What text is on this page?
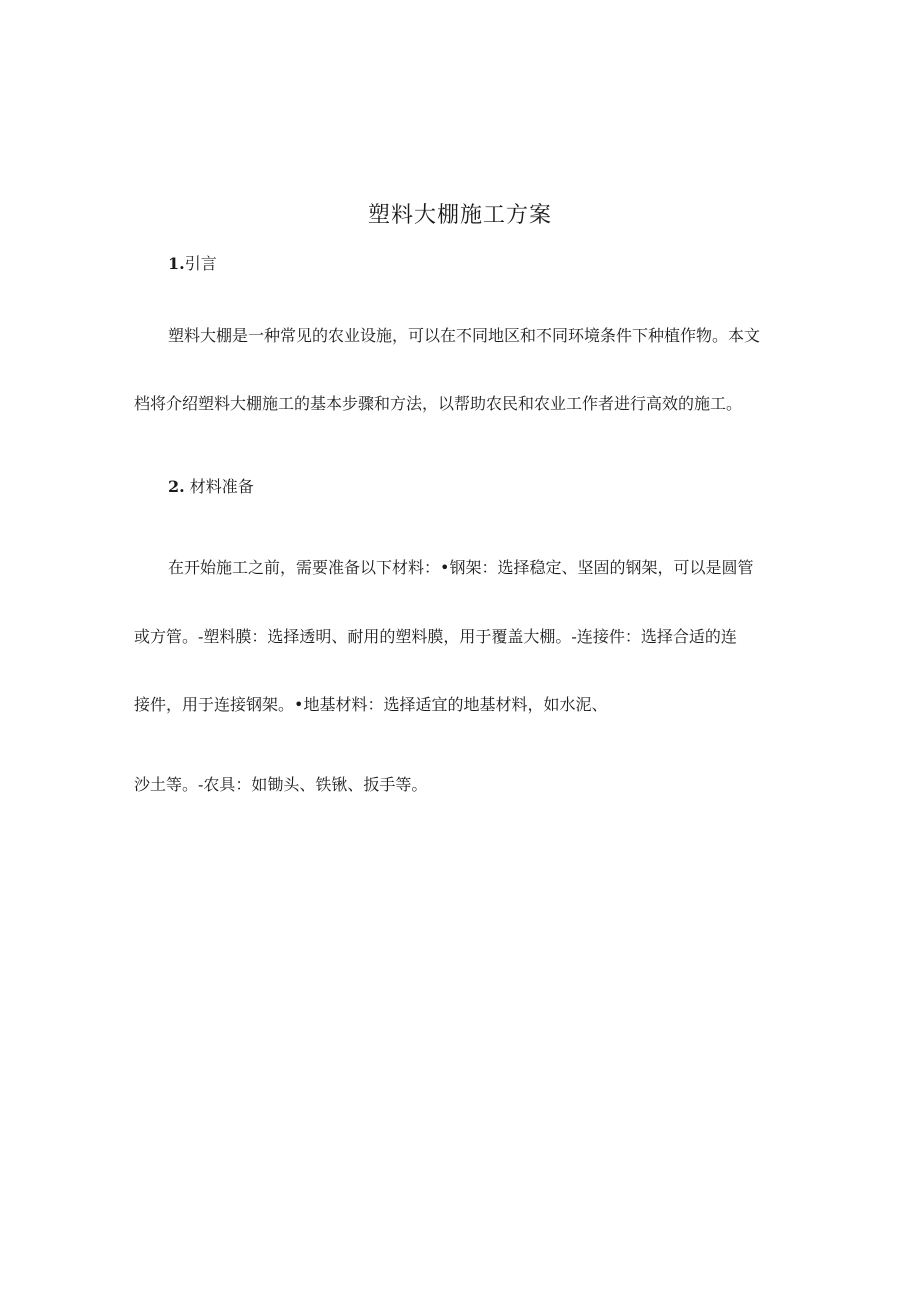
塑料大棚施工方案
1.引言
塑料大棚是一种常见的农业设施，可以在不同地区和不同环境条件下种植作物。本文
档将介绍塑料大棚施工的基本步骤和方法，以帮助农民和农业工作者进行高效的施工。
2. 材料准备
在开始施工之前，需要准备以下材料：•钢架：选择稳定、坚固的钢架，可以是圆管
或方管。-塑料膜：选择透明、耐用的塑料膜，用于覆盖大棚。-连接件：选择合适的连
接件，用于连接钢架。•地基材料：选择适宜的地基材料，如水泥、
沙土等。-农具：如锄头、铁锹、扳手等。
